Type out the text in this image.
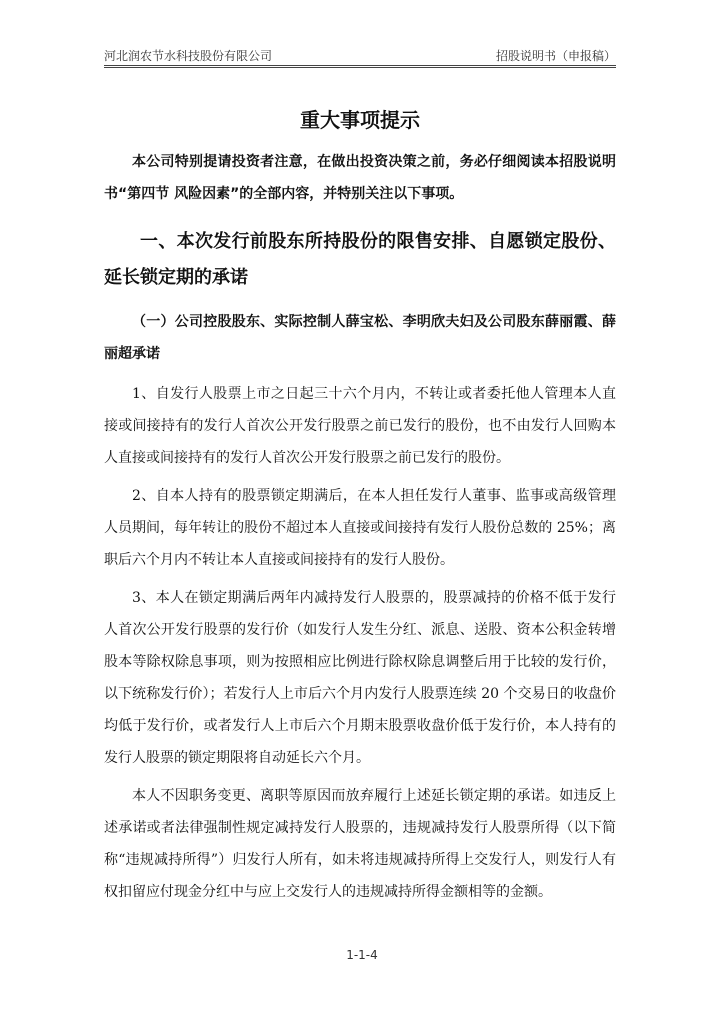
河北润农节水科技股份有限公司	招股说明书（申报稿）
重大事项提示

本公司特别提请投资者注意，在做出投资决策之前，务必仔细阅读本招股说明书“第四节 风险因素”的全部内容，并特别关注以下事项。

一、本次发行前股东所持股份的限售安排、自愿锁定股份、延长锁定期的承诺

（一）公司控股股东、实际控制人薛宝松、李明欣夫妇及公司股东薛丽霞、薛丽超承诺

1、自发行人股票上市之日起三十六个月内，不转让或者委托他人管理本人直接或间接持有的发行人首次公开发行股票之前已发行的股份，也不由发行人回购本人直接或间接持有的发行人首次公开发行股票之前已发行的股份。

2、自本人持有的股票锁定期满后，在本人担任发行人董事、监事或高级管理人员期间，每年转让的股份不超过本人直接或间接持有发行人股份总数的 25%；离职后六个月内不转让本人直接或间接持有的发行人股份。

3、本人在锁定期满后两年内减持发行人股票的，股票减持的价格不低于发行人首次公开发行股票的发行价（如发行人发生分红、派息、送股、资本公积金转增股本等除权除息事项，则为按照相应比例进行除权除息调整后用于比较的发行价，以下统称发行价）；若发行人上市后六个月内发行人股票连续 20 个交易日的收盘价均低于发行价，或者发行人上市后六个月期末股票收盘价低于发行价，本人持有的发行人股票的锁定期限将自动延长六个月。

本人不因职务变更、离职等原因而放弃履行上述延长锁定期的承诺。如违反上述承诺或者法律强制性规定减持发行人股票的，违规减持发行人股票所得（以下简称“违规减持所得”）归发行人所有，如未将违规减持所得上交发行人，则发行人有权扣留应付现金分红中与应上交发行人的违规减持所得金额相等的金额。

1-1-4
